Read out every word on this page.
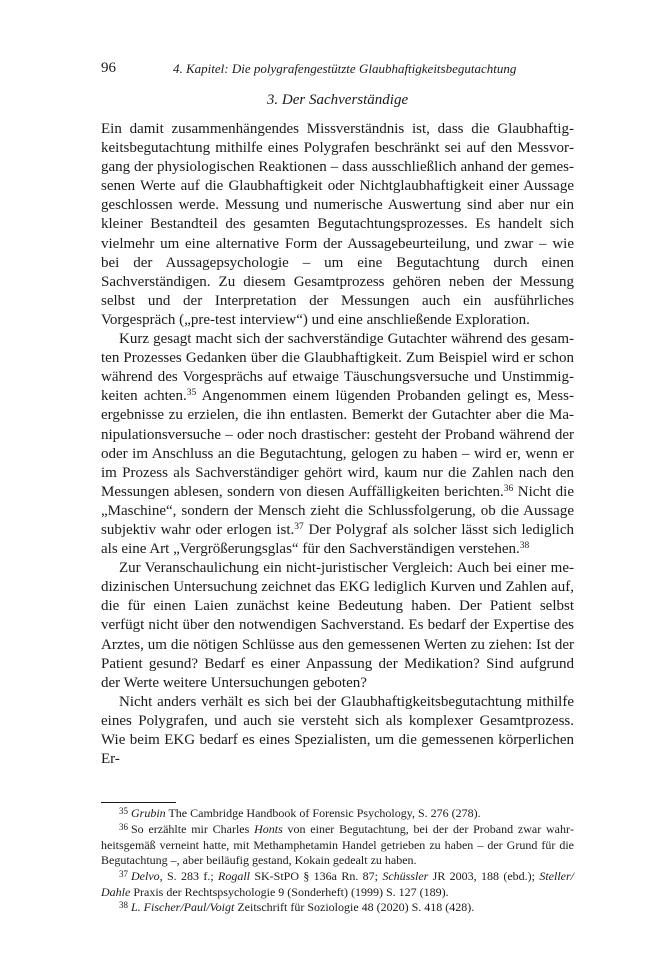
96	4. Kapitel: Die polygrafengestützte Glaubhaftigkeitsbegutachtung
3. Der Sachverständige

Ein damit zusammenhängendes Missverständnis ist, dass die Glaubhaftigkeitsbegutachtung mithilfe eines Polygrafen beschränkt sei auf den Messvorgang der physiologischen Reaktionen – dass ausschließlich anhand der gemessenen Werte auf die Glaubhaftigkeit oder Nichtglaubhaftigkeit einer Aussage geschlossen werde. Messung und numerische Auswertung sind aber nur ein kleiner Bestandteil des gesamten Begutachtungsprozesses. Es handelt sich vielmehr um eine alternative Form der Aussagebeurteilung, und zwar – wie bei der Aussagepsychologie – um eine Begutachtung durch einen Sachverständigen. Zu diesem Gesamtprozess gehören neben der Messung selbst und der Interpretation der Messungen auch ein ausführliches Vorgespräch („pre-test interview“) und eine anschließende Exploration.

Kurz gesagt macht sich der sachverständige Gutachter während des gesamten Prozesses Gedanken über die Glaubhaftigkeit. Zum Beispiel wird er schon während des Vorgesprächs auf etwaige Täuschungsversuche und Unstimmigkeiten achten.$^{35}$ Angenommen einem lügenden Probanden gelingt es, Messergebnisse zu erzielen, die ihn entlasten. Bemerkt der Gutachter aber die Manipulationsversuche – oder noch drastischer: gesteht der Proband während der oder im Anschluss an die Begutachtung, gelogen zu haben – wird er, wenn er im Prozess als Sachverständiger gehört wird, kaum nur die Zahlen nach den Messungen ablesen, sondern von diesen Auffälligkeiten berichten.$^{36}$ Nicht die „Maschine“, sondern der Mensch zieht die Schlussfolgerung, ob die Aussage subjektiv wahr oder erlogen ist.$^{37}$ Der Polygraf als solcher lässt sich lediglich als eine Art „Vergrößerungsglas“ für den Sachverständigen verstehen.$^{38}$

Zur Veranschaulichung ein nicht-juristischer Vergleich: Auch bei einer medizinischen Untersuchung zeichnet das EKG lediglich Kurven und Zahlen auf, die für einen Laien zunächst keine Bedeutung haben. Der Patient selbst verfügt nicht über den notwendigen Sachverstand. Es bedarf der Expertise des Arztes, um die nötigen Schlüsse aus den gemessenen Werten zu ziehen: Ist der Patient gesund? Bedarf es einer Anpassung der Medikation? Sind aufgrund der Werte weitere Untersuchungen geboten?

Nicht anders verhält es sich bei der Glaubhaftigkeitsbegutachtung mithilfe eines Polygrafen, und auch sie versteht sich als komplexer Gesamtprozess. Wie beim EKG bedarf es eines Spezialisten, um die gemessenen körperlichen Er-

$^{35}$ Grubin The Cambridge Handbook of Forensic Psychology, S. 276 (278).

$^{36}$ So erzählte mir Charles Honts von einer Begutachtung, bei der der Proband zwar wahrheitsgemäß verneint hatte, mit Methamphetamin Handel getrieben zu haben – der Grund für die Begutachtung –, aber beiläufig gestand, Kokain gedealt zu haben.

$^{37}$ Delvo, S. 283 f.; Rogall SK-StPO § 136a Rn. 87; Schüssler JR 2003, 188 (ebd.); Steller/ Dahle Praxis der Rechtspsychologie 9 (Sonderheft) (1999) S. 127 (189).

$^{38}$ L. Fischer/Paul/Voigt Zeitschrift für Soziologie 48 (2020) S. 418 (428).
